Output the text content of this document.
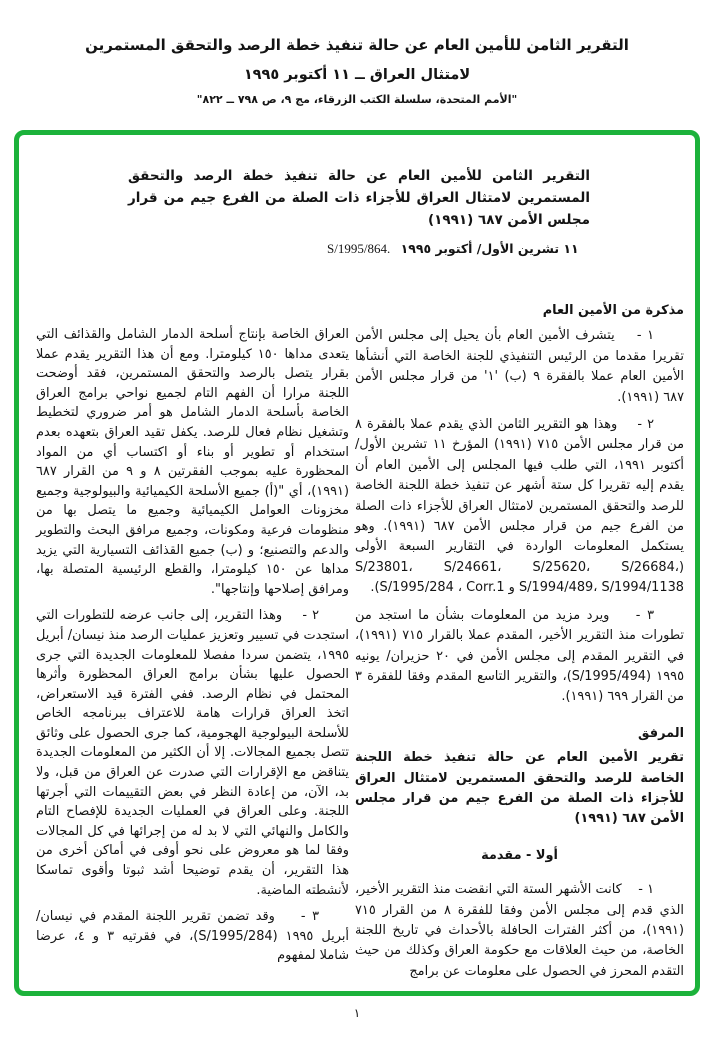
التقرير الثامن للأمين العام عن حالة تنفيذ خطة الرصد والتحقق المستمرين
لامتثال العراق ــ ١١ أكتوبر ١٩٩٥
"الأمم المتحدة، سلسلة الكتب الزرقاء، مج ٩، ص ٧٩٨ ــ ٨٢٢"
التقرير الثامن للأمين العام عن حالة تنفيذ خطة الرصد والتحقق المستمرين لامتثال العراق للأجزاء ذات الصلة من الفرع جيم من قرار مجلس الأمن ٦٨٧ (١٩٩١)
S/1995/864. ١١ تشرين الأول/ أكتوبر ١٩٩٥
مذكرة من الأمين العام
١ -    يتشرف الأمين العام بأن يحيل إلى مجلس الأمن تقريرا مقدما من الرئيس التنفيذي للجنة الخاصة التي أنشأها الأمين العام عملا بالفقرة ٩ (ب) '١' من قرار مجلس الأمن ٦٨٧ (١٩٩١).
٢ -    وهذا هو التقرير الثامن الذي يقدم عملا بالفقرة ٨ من قرار مجلس الأمن ٧١٥ (١٩٩١) المؤرخ ١١ تشرين الأول/ أكتوبر ١٩٩١، التي طلب فيها المجلس إلى الأمين العام أن يقدم إليه تقريرا كل ستة أشهر عن تنفيذ خطة اللجنة الخاصة للرصد والتحقق المستمرين لامتثال العراق للأجزاء ذات الصلة من الفرع جيم من قرار مجلس الأمن ٦٨٧ (١٩٩١). وهو يستكمل المعلومات الواردة في التقارير السبعة الأولى (S/23801، S/24661، S/25620، S/26684، S/1994/489، S/1994/1138 و S/1995/284 ، Corr.1).
٣ -    ويرد مزيد من المعلومات بشأن ما استجد من تطورات منذ التقرير الأخير، المقدم عملا بالقرار ٧١٥ (١٩٩١)، في التقرير المقدم إلى مجلس الأمن في ٢٠ حزيران/ يونيه ١٩٩٥ (S/1995/494)، والتقرير التاسع المقدم وفقا للفقرة ٣ من القرار ٦٩٩ (١٩٩١).
المرفق
تقرير الأمين العام عن حالة تنفيذ خطة اللجنة الخاصة للرصد والتحقق المستمرين لامتثال العراق للأجزاء ذات الصلة من الفرع جيم من قرار مجلس الأمن ٦٨٧ (١٩٩١)
أولا - مقدمة
١ -    كانت الأشهر الستة التي انقضت منذ التقرير الأخير، الذي قدم إلى مجلس الأمن وفقا للفقرة ٨ من القرار ٧١٥ (١٩٩١)، من أكثر الفترات الحافلة بالأحداث في تاريخ اللجنة الخاصة، من حيث العلاقات مع حكومة العراق وكذلك من حيث التقدم المحرز في الحصول على معلومات عن برامج
العراق الخاصة بإنتاج أسلحة الدمار الشامل والقذائف التي يتعدى مداها ١٥٠ كيلومترا. ومع أن هذا التقرير يقدم عملا بقرار يتصل بالرصد والتحقق المستمرين، فقد أوضحت اللجنة مرارا أن الفهم التام لجميع نواحي برامج العراق الخاصة بأسلحة الدمار الشامل هو أمر ضروري لتخطيط وتشغيل نظام فعال للرصد. يكفل تقيد العراق بتعهده بعدم استخدام أو تطوير أو بناء أو اكتساب أي من المواد المحظورة عليه بموجب الفقرتين ٨ و ٩ من القرار ٦٨٧ (١٩٩١)، أي "(أ) جميع الأسلحة الكيميائية والبيولوجية وجميع مخزونات العوامل الكيميائية وجميع ما يتصل بها من منظومات فرعية ومكونات، وجميع مرافق البحث والتطوير والدعم والتصنيع؛ و (ب) جميع القذائف التسيارية التي يزيد مداها عن ١٥٠ كيلومترا، والقطع الرئيسية المتصلة بها، ومرافق إصلاحها وإنتاجها".
٢ -    وهذا التقرير، إلى جانب عرضه للتطورات التي استجدت في تسيير وتعزيز عمليات الرصد منذ نيسان/ أبريل ١٩٩٥، يتضمن سردا مفصلا للمعلومات الجديدة التي جرى الحصول عليها بشأن برامج العراق المحظورة وأثرها المحتمل في نظام الرصد. ففي الفترة قيد الاستعراض، اتخذ العراق قرارات هامة للاعتراف ببرنامجه الخاص للأسلحة البيولوجية الهجومية، كما جرى الحصول على وثائق تتصل بجميع المجالات. إلا أن الكثير من المعلومات الجديدة يتناقض مع الإقرارات التي صدرت عن العراق من قبل، ولا بد، الآن، من إعادة النظر في بعض التقييمات التي أجرتها اللجنة. وعلى العراق في العمليات الجديدة للإفصاح التام والكامل والنهائي التي لا بد له من إجرائها في كل المجالات وفقا لما هو معروض على نحو أوفى في أماكن أخرى من هذا التقرير، أن يقدم توضيحا أشد ثبوتا وأقوى تماسكا لأنشطته الماضية.
٣ -    وقد تضمن تقرير اللجنة المقدم في نيسان/ أبريل ١٩٩٥ (S/1995/284)، في فقرتيه ٣ و ٤، عرضا شاملا لمفهوم
١
